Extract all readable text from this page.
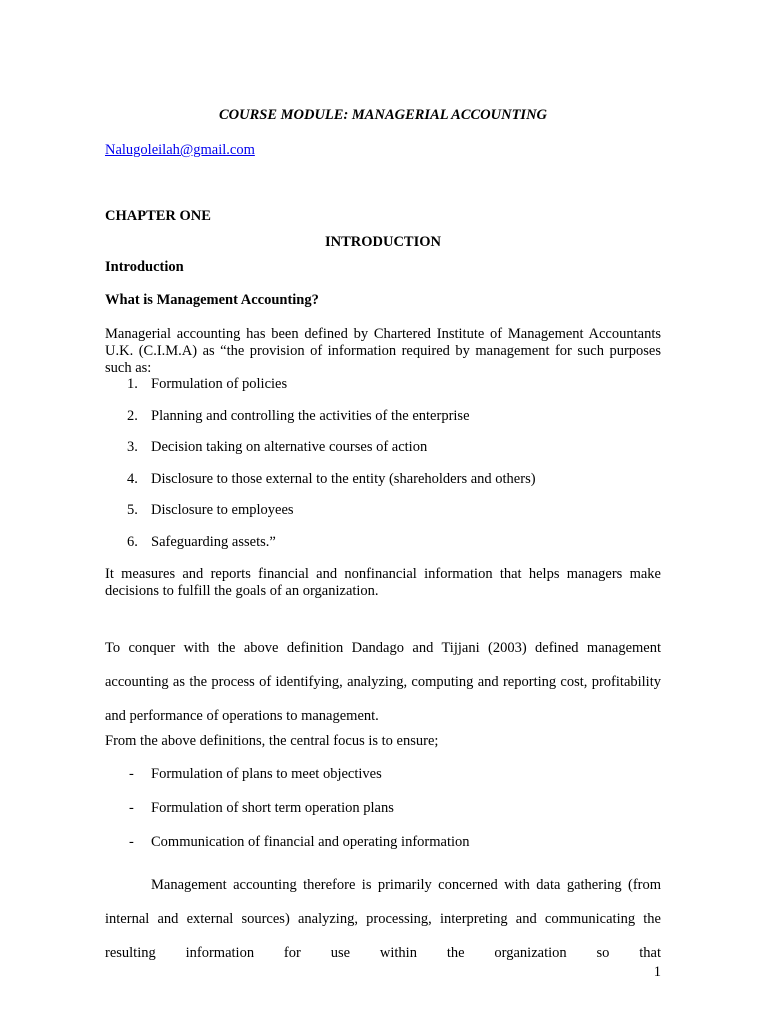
COURSE MODULE: MANAGERIAL ACCOUNTING

Nalugoleilah@gmail.com

CHAPTER ONE

INTRODUCTION

Introduction

What is Management Accounting?

Managerial accounting has been defined by Chartered Institute of Management Accountants U.K. (C.I.M.A) as “the provision of information required by management for such purposes such as:

1. Formulation of policies
2. Planning and controlling the activities of the enterprise
3. Decision taking on alternative courses of action
4. Disclosure to those external to the entity (shareholders and others)
5. Disclosure to employees
6. Safeguarding assets.”

It measures and reports financial and nonfinancial information that helps managers make decisions to fulfill the goals of an organization.

To conquer with the above definition Dandago and Tijjani (2003) defined management accounting as the process of identifying, analyzing, computing and reporting cost, profitability and performance of operations to management.

From the above definitions, the central focus is to ensure;

- Formulation of plans to meet objectives
- Formulation of short term operation plans
- Communication of financial and operating information

Management accounting therefore is primarily concerned with data gathering (from internal and external sources) analyzing, processing, interpreting and communicating the resulting information for use within the organization so that

1
